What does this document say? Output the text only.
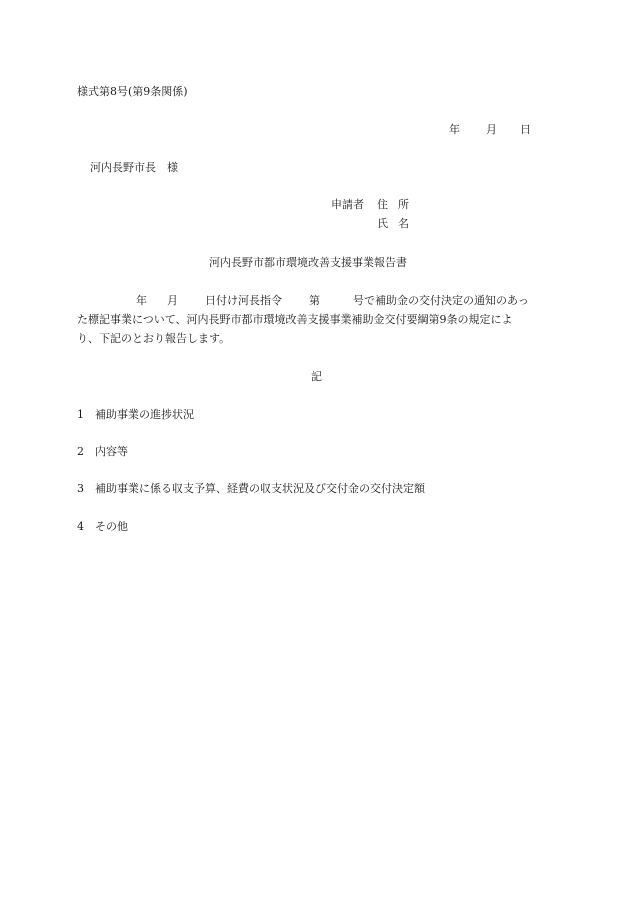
様式第8号(第9条関係)
年 月 日
河内長野市長　様
申請者 住所
氏名
河内長野市都市環境改善支援事業報告書
年 月 日付け河長指令 第	号で補助金の交付決定の通知のあっ
た標記事業について、河内長野市都市環境改善支援事業補助金交付要綱第9条の規定によ
り、下記のとおり報告します。
記
1 補助事業の進捗状況
2 内容等
3 補助事業に係る収支予算、経費の収支状況及び交付金の交付決定額
4 その他
